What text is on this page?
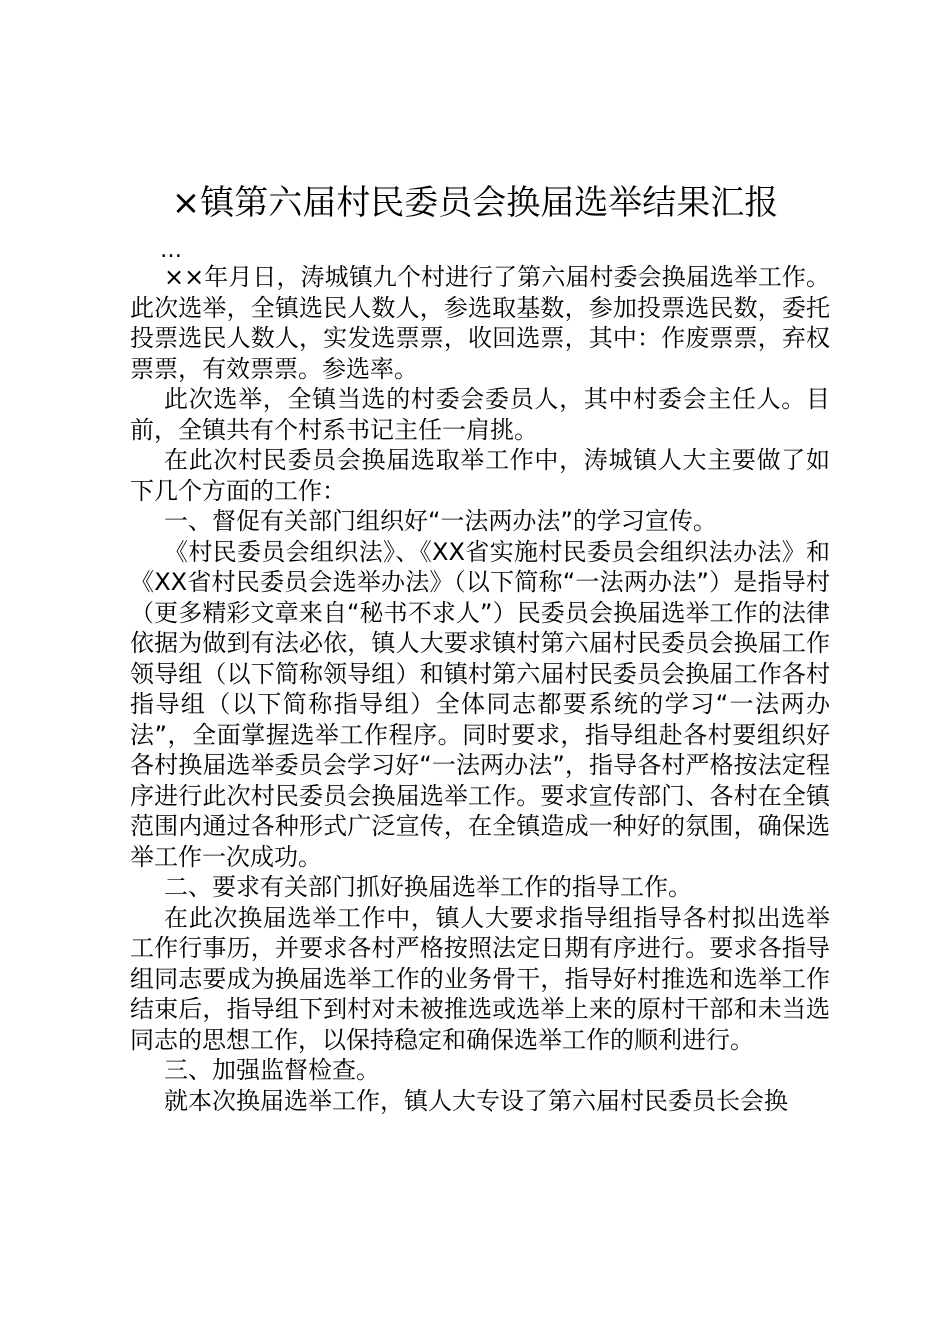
×镇第六届村民委员会换届选举结果汇报

…

××年月日，涛城镇九个村进行了第六届村委会换届选举工作。此次选举，全镇选民人数人，参选取基数，参加投票选民数，委托投票选民人数人，实发选票票，收回选票，其中：作废票票，弃权票票，有效票票。参选率。

此次选举，全镇当选的村委会委员人，其中村委会主任人。目前，全镇共有个村系书记主任一肩挑。

在此次村民委员会换届选取举工作中，涛城镇人大主要做了如下几个方面的工作：

一、督促有关部门组织好“一法两办法”的学习宣传。

《村民委员会组织法》、《XX省实施村民委员会组织法办法》和《XX省村民委员会选举办法》（以下简称“一法两办法”）是指导村（更多精彩文章来自“秘书不求人”）民委员会换届选举工作的法律依据为做到有法必依，镇人大要求镇村第六届村民委员会换届工作领导组（以下简称领导组）和镇村第六届村民委员会换届工作各村指导组（以下简称指导组）全体同志都要系统的学习“一法两办法”，全面掌握选举工作程序。同时要求，指导组赴各村要组织好各村换届选举委员会学习好“一法两办法”，指导各村严格按法定程序进行此次村民委员会换届选举工作。要求宣传部门、各村在全镇范围内通过各种形式广泛宣传，在全镇造成一种好的氛围，确保选举工作一次成功。

二、要求有关部门抓好换届选举工作的指导工作。

在此次换届选举工作中，镇人大要求指导组指导各村拟出选举工作行事历，并要求各村严格按照法定日期有序进行。要求各指导组同志要成为换届选举工作的业务骨干，指导好村推选和选举工作结束后，指导组下到村对未被推选或选举上来的原村干部和未当选同志的思想工作，以保持稳定和确保选举工作的顺利进行。

三、加强监督检查。

就本次换届选举工作，镇人大专设了第六届村民委员长会换
